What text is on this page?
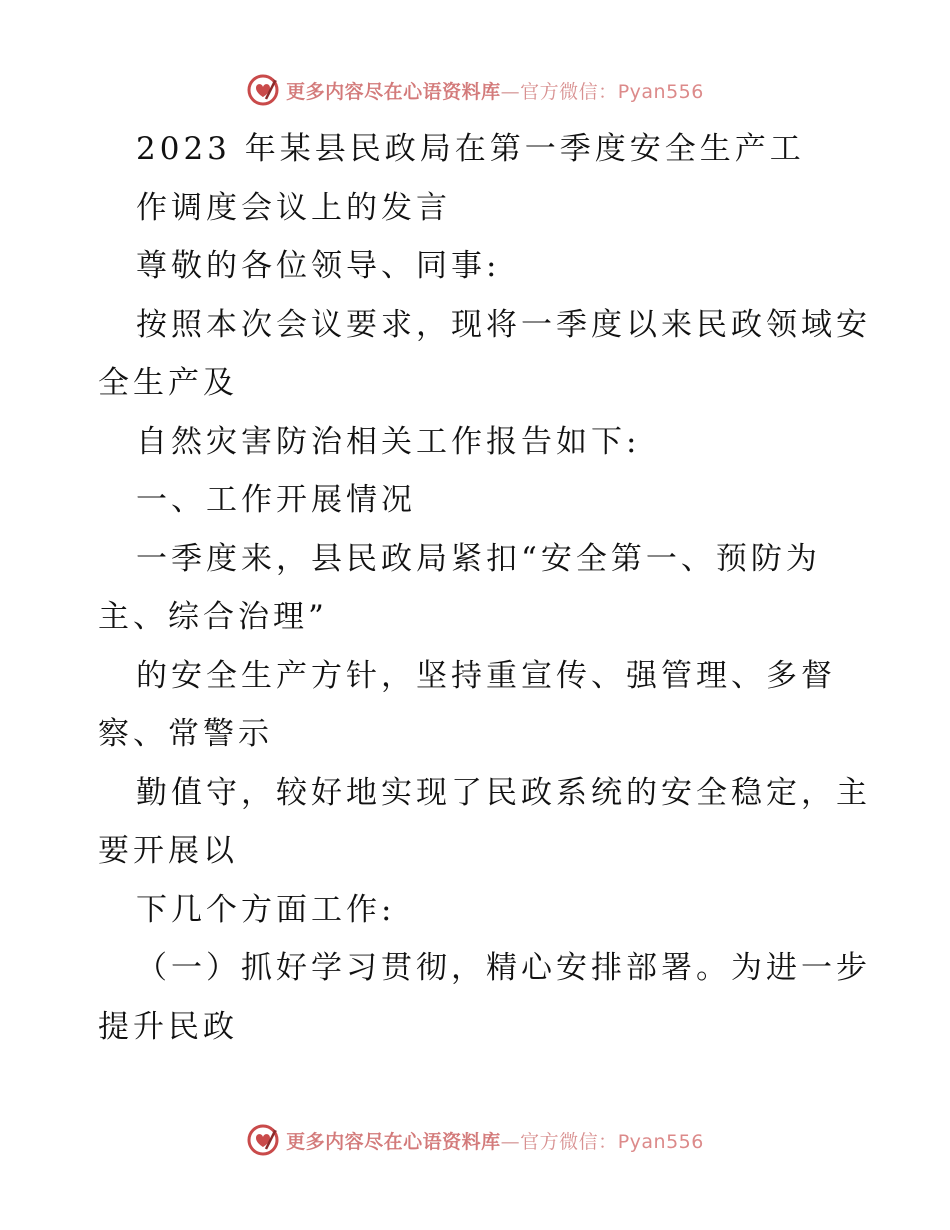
更多内容尽在心语资料库—官方微信：Pyan556
2023 年某县民政局在第一季度安全生产工
作调度会议上的发言
尊敬的各位领导、同事:
按照本次会议要求，现将一季度以来民政领域安
全生产及
自然灾害防治相关工作报告如下:
一、工作开展情况
一季度来，县民政局紧扣“安全第一、预防为
主、综合治理”
的安全生产方针，坚持重宣传、强管理、多督
察、常警示
勤值守，较好地实现了民政系统的安全稳定，主
要开展以
下几个方面工作:
（一）抓好学习贯彻，精心安排部署。为进一步
提升民政
更多内容尽在心语资料库—官方微信：Pyan556
